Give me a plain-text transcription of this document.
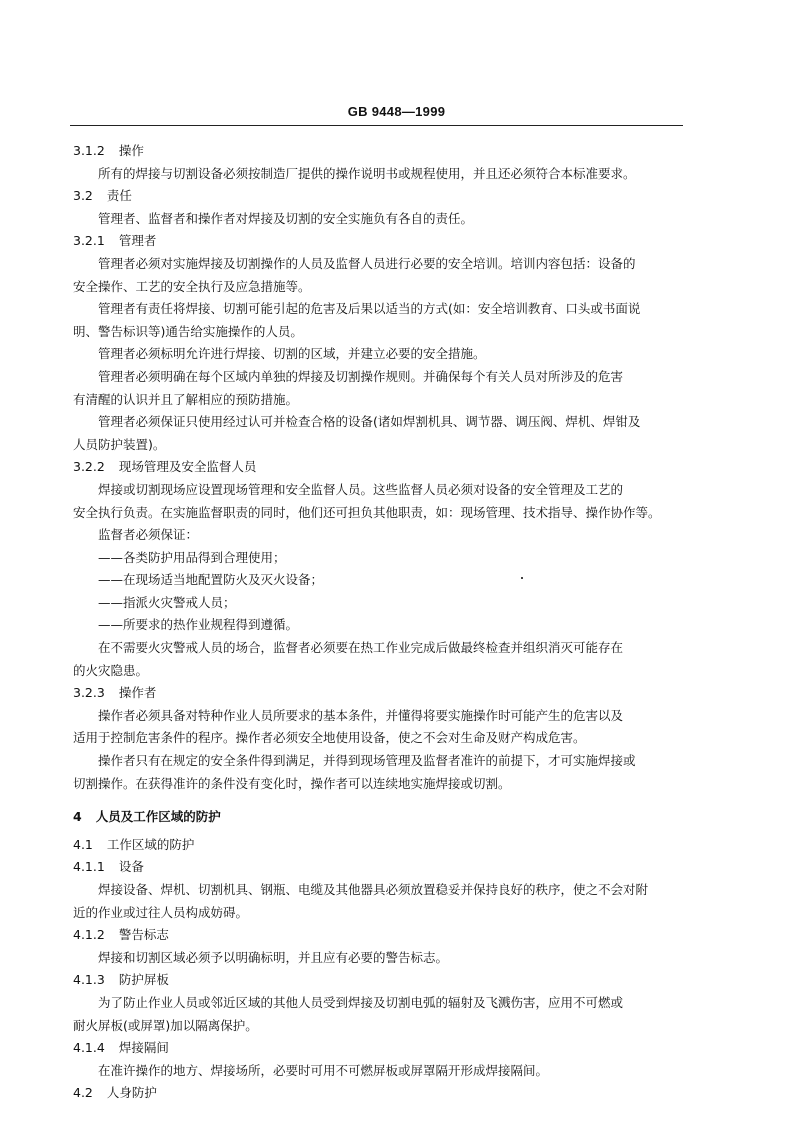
GB 9448—1999
3.1.2 操作
所有的焊接与切割设备必须按制造厂提供的操作说明书或规程使用，并且还必须符合本标准要求。
3.2 责任
管理者、监督者和操作者对焊接及切割的安全实施负有各自的责任。
3.2.1 管理者
管理者必须对实施焊接及切割操作的人员及监督人员进行必要的安全培训。培训内容包括：设备的
安全操作、工艺的安全执行及应急措施等。
管理者有责任将焊接、切割可能引起的危害及后果以适当的方式(如：安全培训教育、口头或书面说
明、警告标识等)通告给实施操作的人员。
管理者必须标明允许进行焊接、切割的区域，并建立必要的安全措施。
管理者必须明确在每个区域内单独的焊接及切割操作规则。并确保每个有关人员对所涉及的危害
有清醒的认识并且了解相应的预防措施。
管理者必须保证只使用经过认可并检查合格的设备(诸如焊割机具、调节器、调压阀、焊机、焊钳及
人员防护装置)。
3.2.2 现场管理及安全监督人员
焊接或切割现场应设置现场管理和安全监督人员。这些监督人员必须对设备的安全管理及工艺的
安全执行负责。在实施监督职责的同时，他们还可担负其他职责，如：现场管理、技术指导、操作协作等。
监督者必须保证：
——各类防护用品得到合理使用；
——在现场适当地配置防火及灭火设备；
——指派火灾警戒人员；
——所要求的热作业规程得到遵循。
在不需要火灾警戒人员的场合，监督者必须要在热工作业完成后做最终检查并组织消灭可能存在
的火灾隐患。
3.2.3 操作者
操作者必须具备对特种作业人员所要求的基本条件，并懂得将要实施操作时可能产生的危害以及
适用于控制危害条件的程序。操作者必须安全地使用设备，使之不会对生命及财产构成危害。
操作者只有在规定的安全条件得到满足，并得到现场管理及监督者准许的前提下，才可实施焊接或
切割操作。在获得准许的条件没有变化时，操作者可以连续地实施焊接或切割。
4 人员及工作区域的防护
4.1 工作区域的防护
4.1.1 设备
焊接设备、焊机、切割机具、钢瓶、电缆及其他器具必须放置稳妥并保持良好的秩序，使之不会对附
近的作业或过往人员构成妨碍。
4.1.2 警告标志
焊接和切割区域必须予以明确标明，并且应有必要的警告标志。
4.1.3 防护屏板
为了防止作业人员或邻近区域的其他人员受到焊接及切割电弧的辐射及飞溅伤害，应用不可燃或
耐火屏板(或屏罩)加以隔离保护。
4.1.4 焊接隔间
在准许操作的地方、焊接场所，必要时可用不可燃屏板或屏罩隔开形成焊接隔间。
4.2 人身防护
